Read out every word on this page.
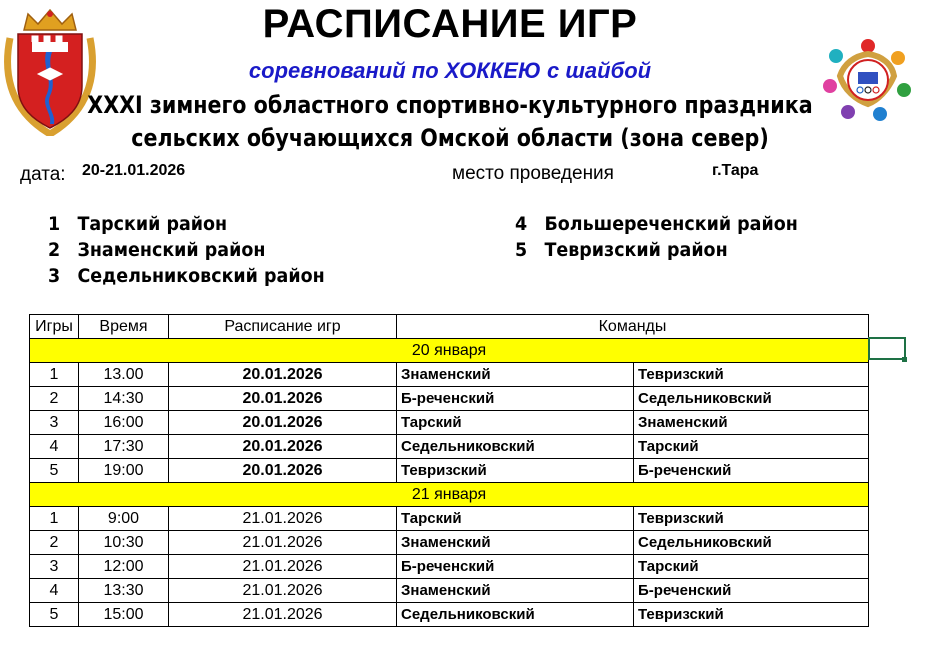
РАСПИСАНИЕ ИГР
соревнований по ХОККЕЮ с шайбой
XXXI зимнего областного спортивно-культурного праздника
сельских обучающихся Омской области (зона север)
дата: 20-21.01.2026	место проведения	г.Тара
1 Тарский район
2 Знаменский район
3 Седельниковский район
4 Большереченский район
5 Тевризский район
Игры	Время	Расписание игр	Команды	
20 января				
1	13.00	20.01.2026	Знаменский	Тевризский
2	14:30	20.01.2026	Б-реченский	Седельниковский
3	16:00	20.01.2026	Тарский	Знаменский
4	17:30	20.01.2026	Седельниковский	Тарский
5	19:00	20.01.2026	Тевризский	Б-реченский
21 января				
1	9:00	21.01.2026	Тарский	Тевризский
2	10:30	21.01.2026	Знаменский	Седельниковский
3	12:00	21.01.2026	Б-реченский	Тарский
4	13:30	21.01.2026	Знаменский	Б-реченский
5	15:00	21.01.2026	Седельниковский	Тевризский
